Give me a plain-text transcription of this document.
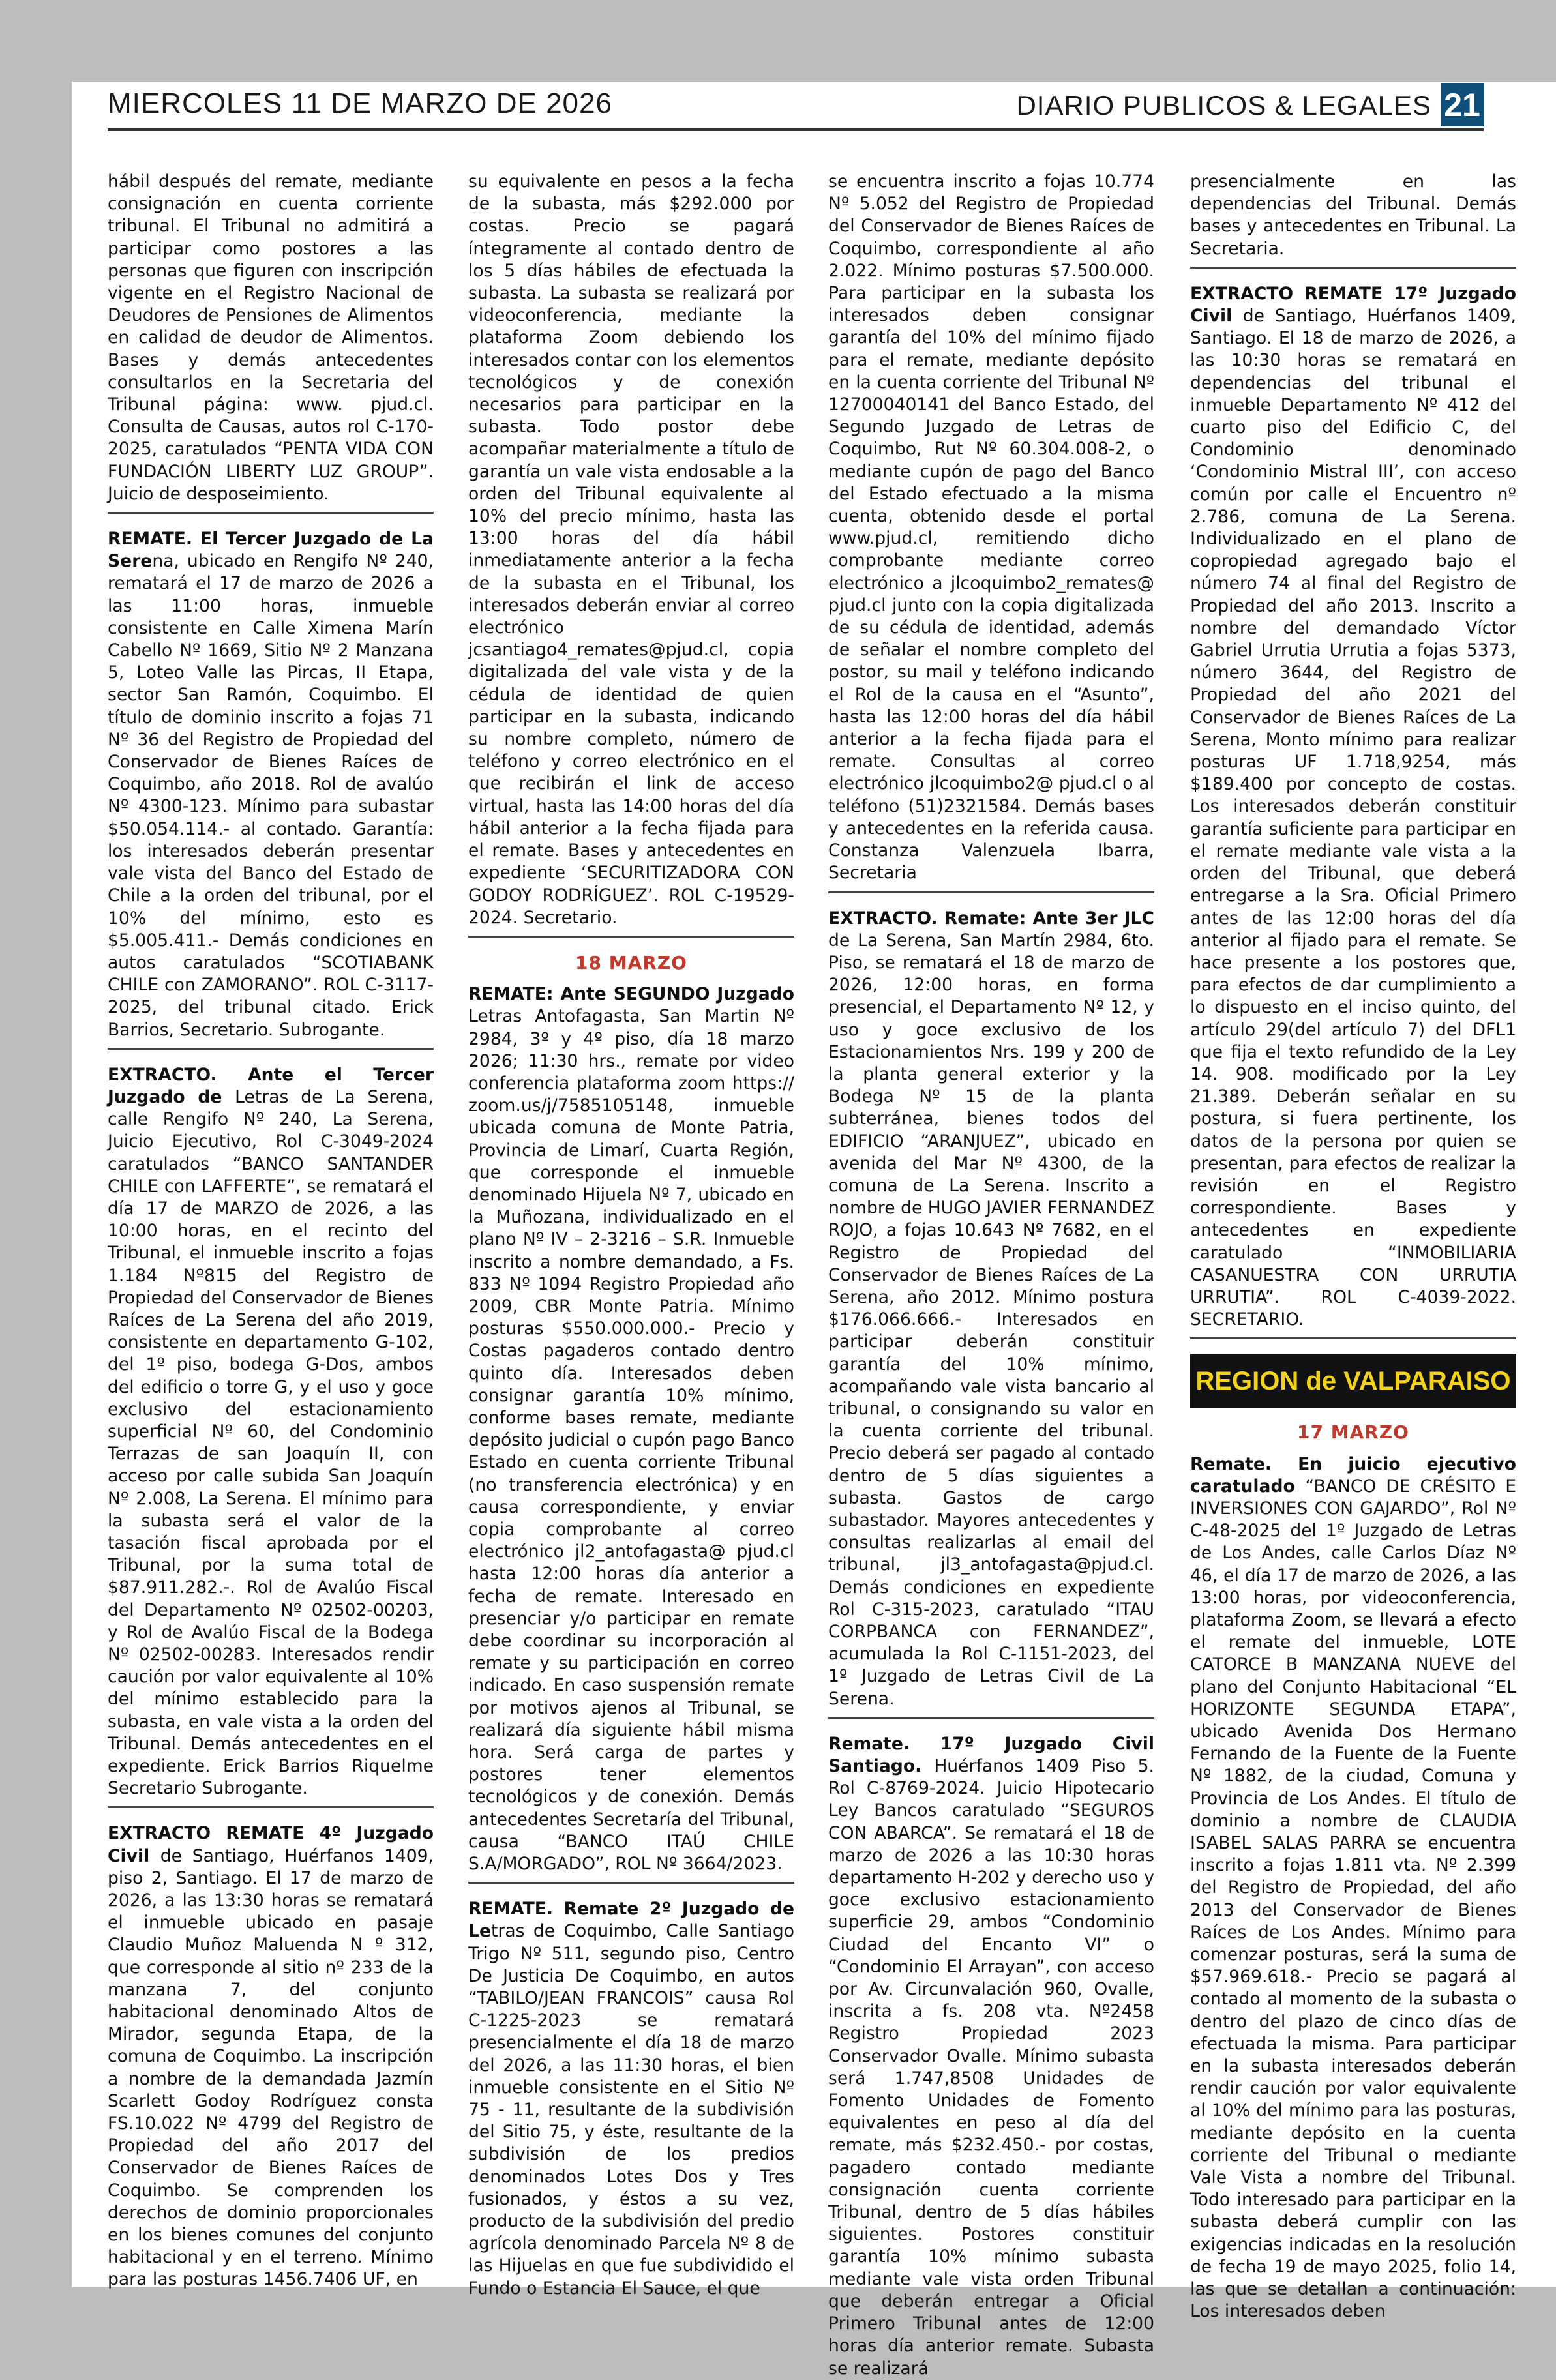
MIERCOLES 11 DE MARZO DE 2026	DIARIO PUBLICOS & LEGALES 21

hábil después del remate, mediante consignación en cuenta corriente tribunal. El Tribunal no admitirá a participar como postores a las personas que figuren con inscripción vigente en el Registro Nacional de Deudores de Pensiones de Alimentos en calidad de deudor de Alimentos. Bases y demás antecedentes consultarlos en la Secretaria del Tribunal página: www. pjud.cl. Consulta de Causas, autos rol C-170-2025, caratulados “PENTA VIDA CON FUNDACIÓN LIBERTY LUZ GROUP”. Juicio de desposeimiento.

REMATE. El Tercer Juzgado de La Serena, ubicado en Rengifo Nº 240, rematará el 17 de marzo de 2026 a las 11:00 horas, inmueble consistente en Calle Ximena Marín Cabello Nº 1669, Sitio Nº 2 Manzana 5, Loteo Valle las Pircas, II Etapa, sector San Ramón, Coquimbo. El título de dominio inscrito a fojas 71 Nº 36 del Registro de Propiedad del Conservador de Bienes Raíces de Coquimbo, año 2018. Rol de avalúo Nº 4300-123. Mínimo para subastar $50.054.114.- al contado. Garantía: los interesados deberán presentar vale vista del Banco del Estado de Chile a la orden del tribunal, por el 10% del mínimo, esto es $5.005.411.- Demás condiciones en autos caratulados “SCOTIABANK CHILE con ZAMORANO”. ROL C-3117-2025, del tribunal citado. Erick Barrios, Secretario. Subrogante.

EXTRACTO. Ante el Tercer Juzgado de Letras de La Serena, calle Rengifo Nº 240, La Serena, Juicio Ejecutivo, Rol C-3049-2024 caratulados “BANCO SANTANDER CHILE con LAFFERTE”, se rematará el día 17 de MARZO de 2026, a las 10:00 horas, en el recinto del Tribunal, el inmueble inscrito a fojas 1.184 Nº815 del Registro de Propiedad del Conservador de Bienes Raíces de La Serena del año 2019, consistente en departamento G-102, del 1º piso, bodega G-Dos, ambos del edificio o torre G, y el uso y goce exclusivo del estacionamiento superficial Nº 60, del Condominio Terrazas de san Joaquín II, con acceso por calle subida San Joaquín Nº 2.008, La Serena. El mínimo para la subasta será el valor de la tasación fiscal aprobada por el Tribunal, por la suma total de $87.911.282.-. Rol de Avalúo Fiscal del Departamento Nº 02502-00203, y Rol de Avalúo Fiscal de la Bodega Nº 02502-00283. Interesados rendir caución por valor equivalente al 10% del mínimo establecido para la subasta, en vale vista a la orden del Tribunal. Demás antecedentes en el expediente. Erick Barrios Riquelme Secretario Subrogante.

EXTRACTO REMATE 4º Juzgado Civil de Santiago, Huérfanos 1409, piso 2, Santiago. El 17 de marzo de 2026, a las 13:30 horas se rematará el inmueble ubicado en pasaje Claudio Muñoz Maluenda N º 312, que corresponde al sitio nº 233 de la manzana 7, del conjunto habitacional denominado Altos de Mirador, segunda Etapa, de la comuna de Coquimbo. La inscripción a nombre de la demandada Jazmín Scarlett Godoy Rodríguez consta FS.10.022 Nº 4799 del Registro de Propiedad del año 2017 del Conservador de Bienes Raíces de Coquimbo. Se comprenden los derechos de dominio proporcionales en los bienes comunes del conjunto habitacional y en el terreno. Mínimo para las posturas 1456.7406 UF, en

su equivalente en pesos a la fecha de la subasta, más $292.000 por costas. Precio se pagará íntegramente al contado dentro de los 5 días hábiles de efectuada la subasta. La subasta se realizará por videoconferencia, mediante la plataforma Zoom debiendo los interesados contar con los elementos tecnológicos y de conexión necesarios para participar en la subasta. Todo postor debe acompañar materialmente a título de garantía un vale vista endosable a la orden del Tribunal equivalente al 10% del precio mínimo, hasta las 13:00 horas del día hábil inmediatamente anterior a la fecha de la subasta en el Tribunal, los interesados deberán enviar al correo electrónico jcsantiago4_remates@pjud.cl, copia digitalizada del vale vista y de la cédula de identidad de quien participar en la subasta, indicando su nombre completo, número de teléfono y correo electrónico en el que recibirán el link de acceso virtual, hasta las 14:00 horas del día hábil anterior a la fecha fijada para el remate. Bases y antecedentes en expediente ‘SECURITIZADORA CON GODOY RODRÍGUEZ’. ROL C-19529-2024. Secretario.

18 MARZO

REMATE: Ante SEGUNDO Juzgado Letras Antofagasta, San Martin Nº 2984, 3º y 4º piso, día 18 marzo 2026; 11:30 hrs., remate por video conferencia plataforma zoom https:// zoom.us/j/7585105148, inmueble ubicada comuna de Monte Patria, Provincia de Limarí, Cuarta Región, que corresponde el inmueble denominado Hijuela Nº 7, ubicado en la Muñozana, individualizado en el plano Nº IV – 2-3216 – S.R. Inmueble inscrito a nombre demandado, a Fs. 833 Nº 1094 Registro Propiedad año 2009, CBR Monte Patria. Mínimo posturas $550.000.000.- Precio y Costas pagaderos contado dentro quinto día. Interesados deben consignar garantía 10% mínimo, conforme bases remate, mediante depósito judicial o cupón pago Banco Estado en cuenta corriente Tribunal (no transferencia electrónica) y en causa correspondiente, y enviar copia comprobante al correo electrónico jl2_antofagasta@ pjud.cl hasta 12:00 horas día anterior a fecha de remate. Interesado en presenciar y/o participar en remate debe coordinar su incorporación al remate y su participación en correo indicado. En caso suspensión remate por motivos ajenos al Tribunal, se realizará día siguiente hábil misma hora. Será carga de partes y postores tener elementos tecnológicos y de conexión. Demás antecedentes Secretaría del Tribunal, causa “BANCO ITAÚ CHILE S.A/MORGADO”, ROL Nº 3664/2023.

REMATE. Remate 2º Juzgado de Letras de Coquimbo, Calle Santiago Trigo Nº 511, segundo piso, Centro De Justicia De Coquimbo, en autos “TABILO/JEAN FRANCOIS” causa Rol C-1225-2023 se rematará presencialmente el día 18 de marzo del 2026, a las 11:30 horas, el bien inmueble consistente en el Sitio Nº 75 - 11, resultante de la subdivisión del Sitio 75, y éste, resultante de la subdivisión de los predios denominados Lotes Dos y Tres fusionados, y éstos a su vez, producto de la subdivisión del predio agrícola denominado Parcela Nº 8 de las Hijuelas en que fue subdividido el Fundo o Estancia El Sauce, el que

se encuentra inscrito a fojas 10.774 Nº 5.052 del Registro de Propiedad del Conservador de Bienes Raíces de Coquimbo, correspondiente al año 2.022. Mínimo posturas $7.500.000. Para participar en la subasta los interesados deben consignar garantía del 10% del mínimo fijado para el remate, mediante depósito en la cuenta corriente del Tribunal Nº 12700040141 del Banco Estado, del Segundo Juzgado de Letras de Coquimbo, Rut Nº 60.304.008-2, o mediante cupón de pago del Banco del Estado efectuado a la misma cuenta, obtenido desde el portal www.pjud.cl, remitiendo dicho comprobante mediante correo electrónico a jlcoquimbo2_remates@ pjud.cl junto con la copia digitalizada de su cédula de identidad, además de señalar el nombre completo del postor, su mail y teléfono indicando el Rol de la causa en el “Asunto”, hasta las 12:00 horas del día hábil anterior a la fecha fijada para el remate. Consultas al correo electrónico jlcoquimbo2@ pjud.cl o al teléfono (51)2321584. Demás bases y antecedentes en la referida causa. Constanza Valenzuela Ibarra, Secretaria

EXTRACTO. Remate: Ante 3er JLC de La Serena, San Martín 2984, 6to. Piso, se rematará el 18 de marzo de 2026, 12:00 horas, en forma presencial, el Departamento Nº 12, y uso y goce exclusivo de los Estacionamientos Nrs. 199 y 200 de la planta general exterior y la Bodega Nº 15 de la planta subterránea, bienes todos del EDIFICIO “ARANJUEZ”, ubicado en avenida del Mar Nº 4300, de la comuna de La Serena. Inscrito a nombre de HUGO JAVIER FERNANDEZ ROJO, a fojas 10.643 Nº 7682, en el Registro de Propiedad del Conservador de Bienes Raíces de La Serena, año 2012. Mínimo postura $176.066.666.- Interesados en participar deberán constituir garantía del 10% mínimo, acompañando vale vista bancario al tribunal, o consignando su valor en la cuenta corriente del tribunal. Precio deberá ser pagado al contado dentro de 5 días siguientes a subasta. Gastos de cargo subastador. Mayores antecedentes y consultas realizarlas al email del tribunal, jl3_antofagasta@pjud.cl. Demás condiciones en expediente Rol C-315-2023, caratulado “ITAU CORPBANCA con FERNANDEZ”, acumulada la Rol C-1151-2023, del 1º Juzgado de Letras Civil de La Serena.

Remate. 17º Juzgado Civil Santiago. Huérfanos 1409 Piso 5. Rol C-8769-2024. Juicio Hipotecario Ley Bancos caratulado “SEGUROS CON ABARCA”. Se rematará el 18 de marzo de 2026 a las 10:30 horas departamento H-202 y derecho uso y goce exclusivo estacionamiento superficie 29, ambos “Condominio Ciudad del Encanto VI” o “Condominio El Arrayan”, con acceso por Av. Circunvalación 960, Ovalle, inscrita a fs. 208 vta. Nº2458 Registro Propiedad 2023 Conservador Ovalle. Mínimo subasta será 1.747,8508 Unidades de Fomento Unidades de Fomento equivalentes en peso al día del remate, más $232.450.- por costas, pagadero contado mediante consignación cuenta corriente Tribunal, dentro de 5 días hábiles siguientes. Postores constituir garantía 10% mínimo subasta mediante vale vista orden Tribunal que deberán entregar a Oficial Primero Tribunal antes de 12:00 horas día anterior remate. Subasta se realizará

presencialmente en las dependencias del Tribunal. Demás bases y antecedentes en Tribunal. La Secretaria.

EXTRACTO REMATE 17º Juzgado Civil de Santiago, Huérfanos 1409, Santiago. El 18 de marzo de 2026, a las 10:30 horas se rematará en dependencias del tribunal el inmueble Departamento Nº 412 del cuarto piso del Edificio C, del Condominio denominado ‘Condominio Mistral III’, con acceso común por calle el Encuentro nº 2.786, comuna de La Serena. Individualizado en el plano de copropiedad agregado bajo el número 74 al final del Registro de Propiedad del año 2013. Inscrito a nombre del demandado Víctor Gabriel Urrutia Urrutia a fojas 5373, número 3644, del Registro de Propiedad del año 2021 del Conservador de Bienes Raíces de La Serena, Monto mínimo para realizar posturas UF 1.718,9254, más $189.400 por concepto de costas. Los interesados deberán constituir garantía suficiente para participar en el remate mediante vale vista a la orden del Tribunal, que deberá entregarse a la Sra. Oficial Primero antes de las 12:00 horas del día anterior al fijado para el remate. Se hace presente a los postores que, para efectos de dar cumplimiento a lo dispuesto en el inciso quinto, del artículo 29(del artículo 7) del DFL1 que fija el texto refundido de la Ley 14. 908. modificado por la Ley 21.389. Deberán señalar en su postura, si fuera pertinente, los datos de la persona por quien se presentan, para efectos de realizar la revisión en el Registro correspondiente. Bases y antecedentes en expediente caratulado “INMOBILIARIA CASANUESTRA CON URRUTIA URRUTIA”. ROL C-4039-2022. SECRETARIO.

REGION de VALPARAISO
17 MARZO

Remate. En juicio ejecutivo caratulado “BANCO DE CRÉSITO E INVERSIONES CON GAJARDO”, Rol Nº C-48-2025 del 1º Juzgado de Letras de Los Andes, calle Carlos Díaz Nº 46, el día 17 de marzo de 2026, a las 13:00 horas, por videoconferencia, plataforma Zoom, se llevará a efecto el remate del inmueble, LOTE CATORCE B MANZANA NUEVE del plano del Conjunto Habitacional “EL HORIZONTE SEGUNDA ETAPA”, ubicado Avenida Dos Hermano Fernando de la Fuente de la Fuente Nº 1882, de la ciudad, Comuna y Provincia de Los Andes. El título de dominio a nombre de CLAUDIA ISABEL SALAS PARRA se encuentra inscrito a fojas 1.811 vta. Nº 2.399 del Registro de Propiedad, del año 2013 del Conservador de Bienes Raíces de Los Andes. Mínimo para comenzar posturas, será la suma de $57.969.618.- Precio se pagará al contado al momento de la subasta o dentro del plazo de cinco días de efectuada la misma. Para participar en la subasta interesados deberán rendir caución por valor equivalente al 10% del mínimo para las posturas, mediante depósito en la cuenta corriente del Tribunal o mediante Vale Vista a nombre del Tribunal. Todo interesado para participar en la subasta deberá cumplir con las exigencias indicadas en la resolución de fecha 19 de mayo 2025, folio 14, las que se detallan a continuación: Los interesados deben
